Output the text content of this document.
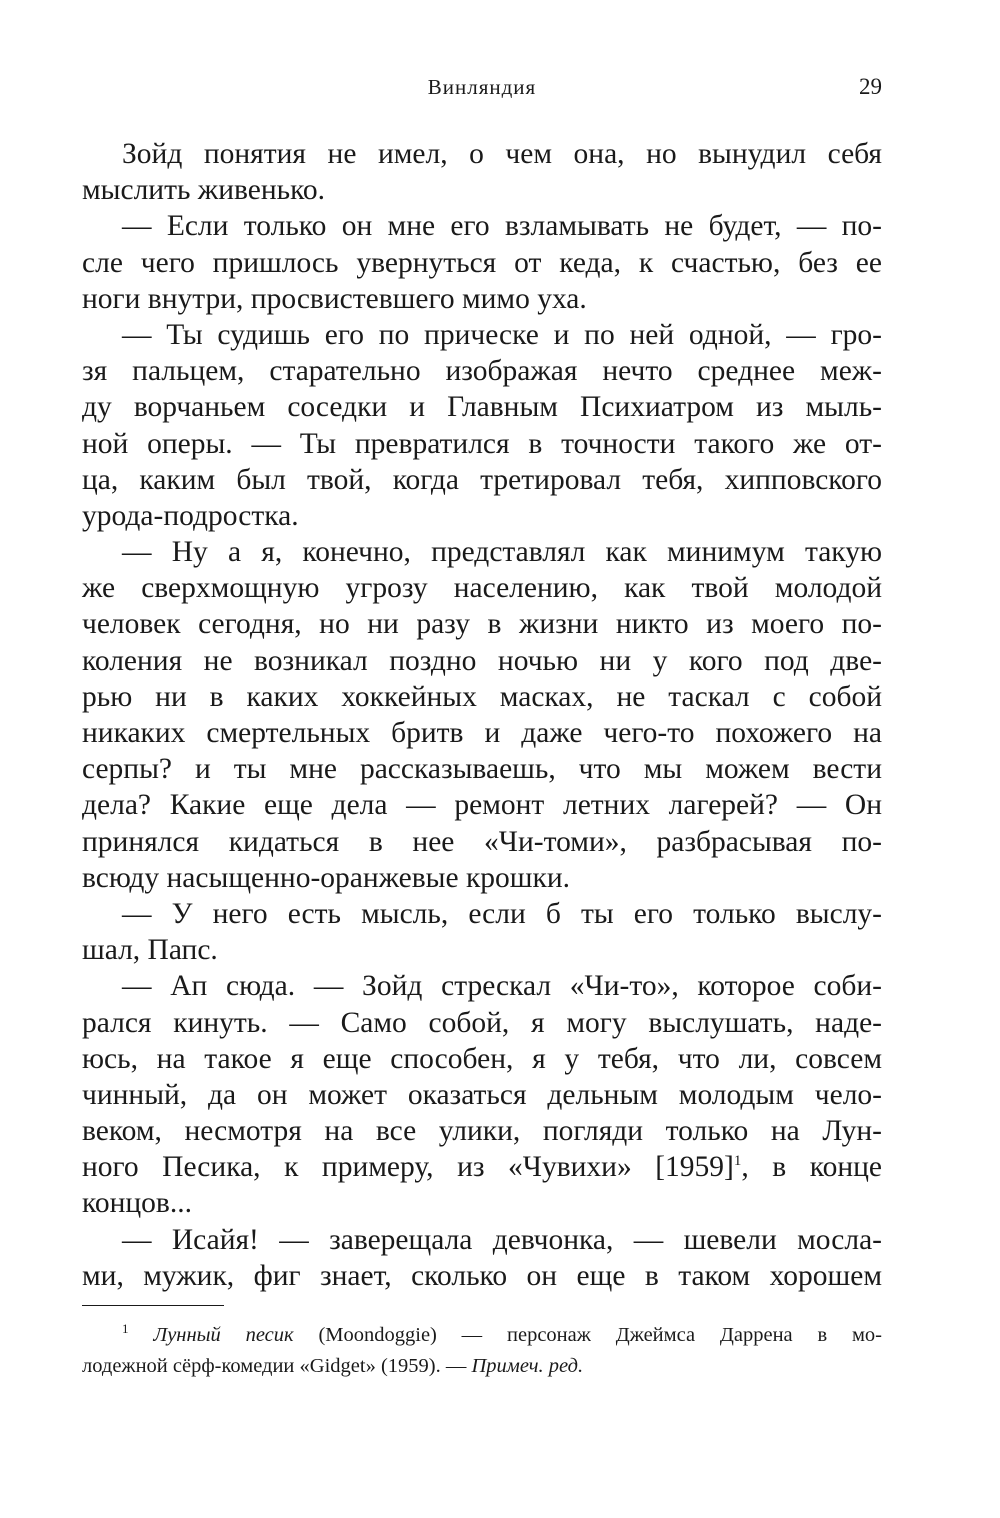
Винляндия	29
Зойд понятия не имел, о чем она, но вынудил себя
мыслить живенько.
— Если только он мне его взламывать не будет, — по-
сле чего пришлось увернуться от кеда, к счастью, без ее
ноги внутри, просвистевшего мимо уха.
— Ты судишь его по прическе и по ней одной, — гро-
зя пальцем, старательно изображая нечто среднее меж-
ду ворчаньем соседки и Главным Психиатром из мыль-
ной оперы. — Ты превратился в точности такого же от-
ца, каким был твой, когда третировал тебя, хипповского
урода-подростка.
— Ну а я, конечно, представлял как минимум такую
же сверхмощную угрозу населению, как твой молодой
человек сегодня, но ни разу в жизни никто из моего по-
коления не возникал поздно ночью ни у кого под две-
рью ни в каких хоккейных масках, не таскал с собой
никаких смертельных бритв и даже чего-то похожего на
серпы? и ты мне рассказываешь, что мы можем вести
дела? Какие еще дела — ремонт летних лагерей? — Он
принялся кидаться в нее «Чи-томи», разбрасывая по-
всюду насыщенно-оранжевые крошки.
— У него есть мысль, если б ты его только выслу-
шал, Папс.
— Ап сюда. — Зойд стрескал «Чи-то», которое соби-
рался кинуть. — Само собой, я могу выслушать, наде-
юсь, на такое я еще способен, я у тебя, что ли, совсем
чинный, да он может оказаться дельным молодым чело-
веком, несмотря на все улики, погляди только на Лун-
ного Песика, к примеру, из «Чувихи» [1959]$^1$, в конце
концов...
— Исайя! — заверещала девчонка, — шевели мосла-
ми, мужик, фиг знает, сколько он еще в таком хорошем
$^1$ Лунный песик (Moondoggie) — персонаж Джеймса Даррена в мо-
лодежной сёрф-комедии «Gidget» (1959). — Примеч. ред.
